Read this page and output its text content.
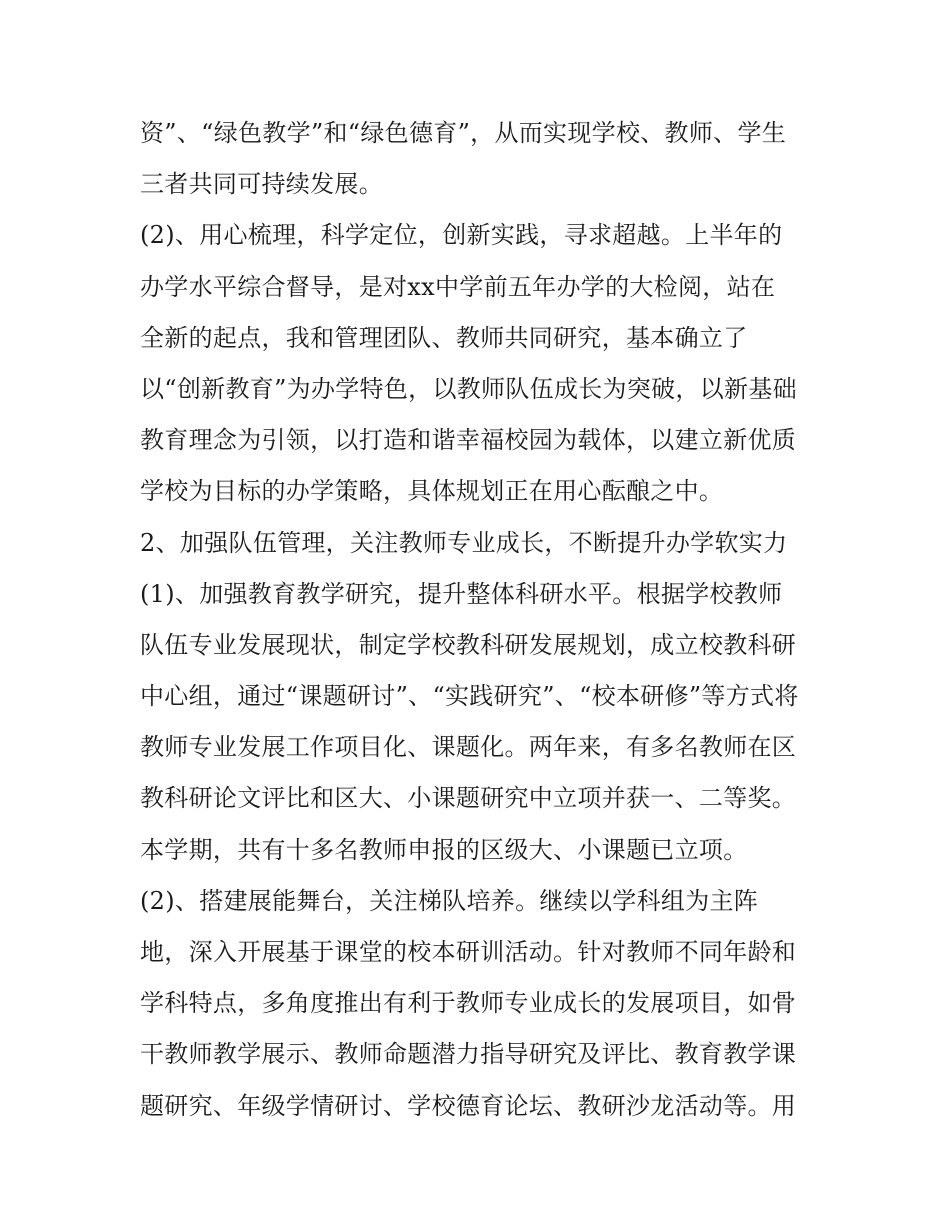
资”、“绿色教学”和“绿色德育”，从而实现学校、教师、学生
三者共同可持续发展。
(2)、用心梳理，科学定位，创新实践，寻求超越。上半年的
办学水平综合督导，是对xx中学前五年办学的大检阅，站在
全新的起点，我和管理团队、教师共同研究，基本确立了
以“创新教育”为办学特色，以教师队伍成长为突破，以新基础
教育理念为引领，以打造和谐幸福校园为载体，以建立新优质
学校为目标的办学策略，具体规划正在用心酝酿之中。
2、加强队伍管理，关注教师专业成长，不断提升办学软实力
(1)、加强教育教学研究，提升整体科研水平。根据学校教师
队伍专业发展现状，制定学校教科研发展规划，成立校教科研
中心组，通过“课题研讨”、“实践研究”、“校本研修”等方式将
教师专业发展工作项目化、课题化。两年来，有多名教师在区
教科研论文评比和区大、小课题研究中立项并获一、二等奖。
本学期，共有十多名教师申报的区级大、小课题已立项。
(2)、搭建展能舞台，关注梯队培养。继续以学科组为主阵
地，深入开展基于课堂的校本研训活动。针对教师不同年龄和
学科特点，多角度推出有利于教师专业成长的发展项目，如骨
干教师教学展示、教师命题潜力指导研究及评比、教育教学课
题研究、年级学情研讨、学校德育论坛、教研沙龙活动等。用
